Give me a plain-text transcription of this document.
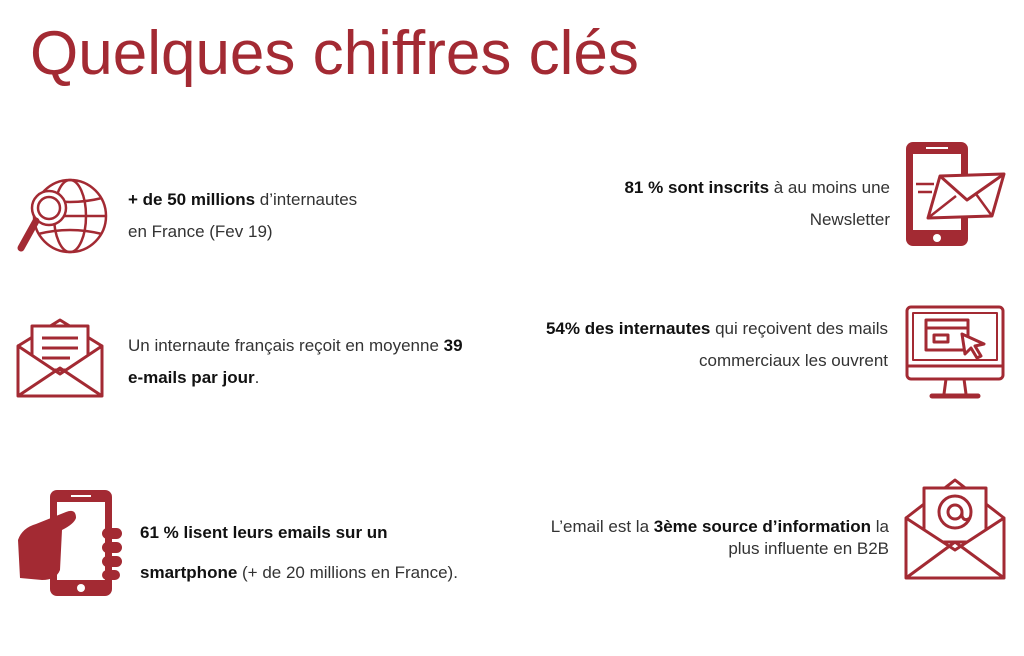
Quelques chiffres clés
+ de 50 millions d’internautes
en France (Fev 19)
81 % sont inscrits à au moins une
Newsletter
Un internaute français reçoit en moyenne 39
e-mails par jour.
54% des internautes qui reçoivent des mails
commerciaux les ouvrent
61 % lisent leurs emails sur un
smartphone (+ de 20 millions en France).
L’email est la 3ème source d’information la
plus influente en B2B
